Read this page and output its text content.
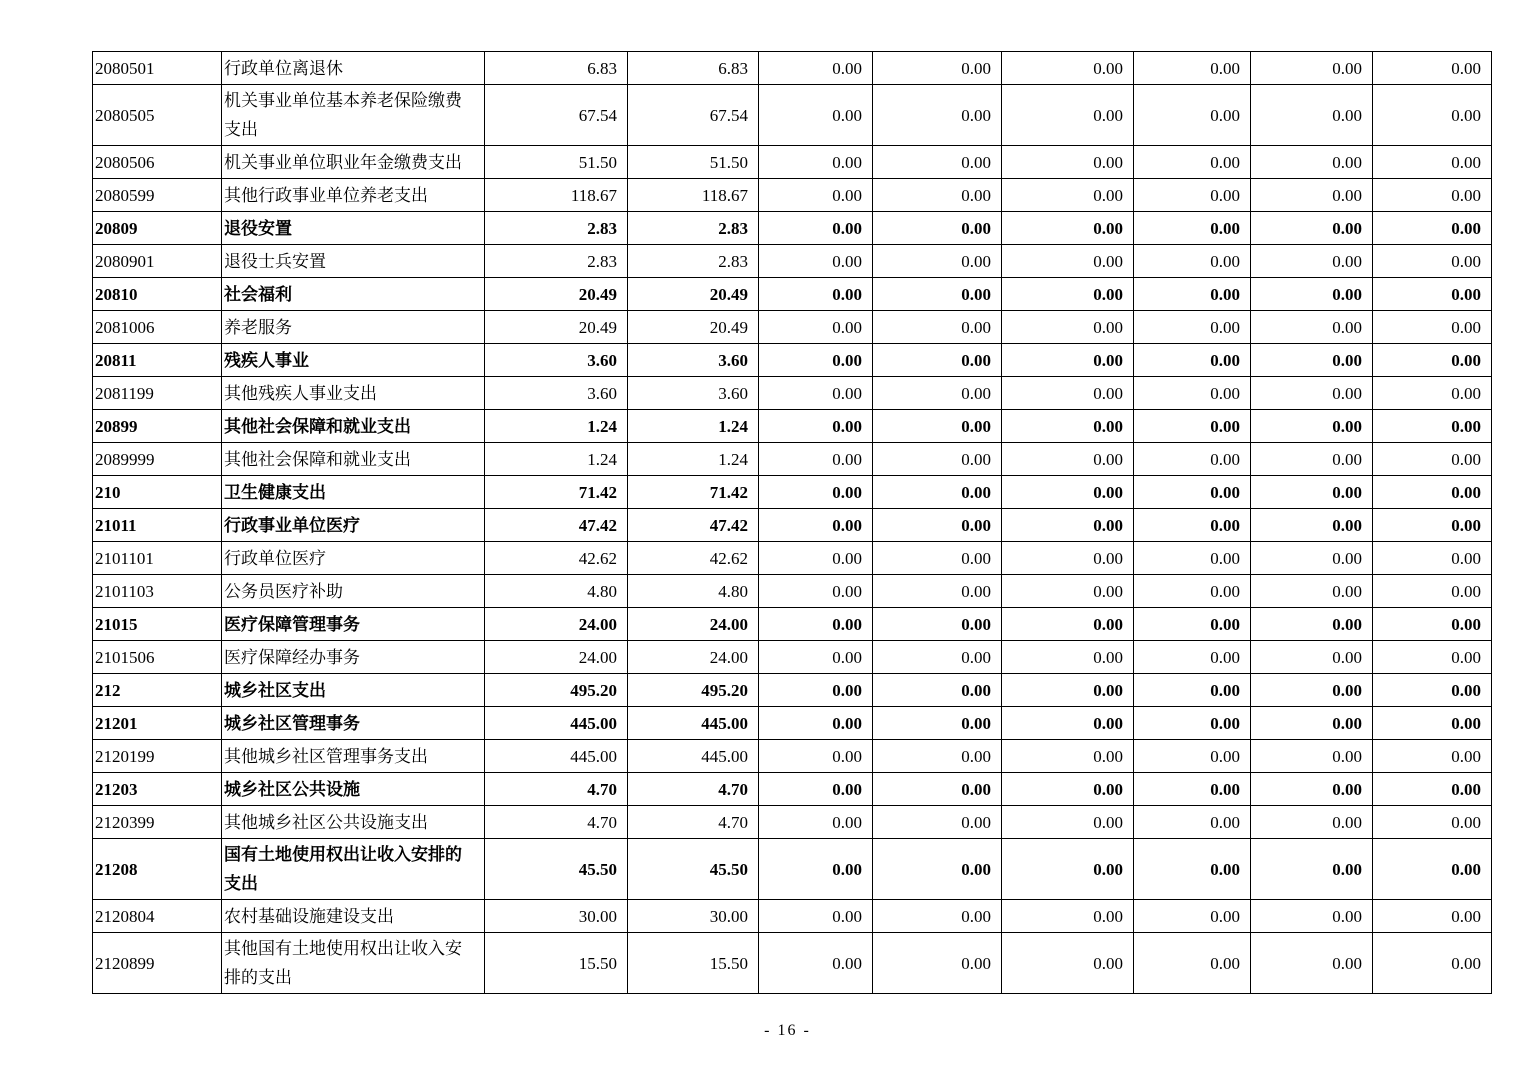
2080501	行政单位离退休	6.83	6.83	0.00	0.00	0.00	0.00	0.00	0.00
2080505	机关事业单位基本养老保险缴费支出	67.54	67.54	0.00	0.00	0.00	0.00	0.00	0.00
2080506	机关事业单位职业年金缴费支出	51.50	51.50	0.00	0.00	0.00	0.00	0.00	0.00
2080599	其他行政事业单位养老支出	118.67	118.67	0.00	0.00	0.00	0.00	0.00	0.00
20809	退役安置	2.83	2.83	0.00	0.00	0.00	0.00	0.00	0.00
2080901	退役士兵安置	2.83	2.83	0.00	0.00	0.00	0.00	0.00	0.00
20810	社会福利	20.49	20.49	0.00	0.00	0.00	0.00	0.00	0.00
2081006	养老服务	20.49	20.49	0.00	0.00	0.00	0.00	0.00	0.00
20811	残疾人事业	3.60	3.60	0.00	0.00	0.00	0.00	0.00	0.00
2081199	其他残疾人事业支出	3.60	3.60	0.00	0.00	0.00	0.00	0.00	0.00
20899	其他社会保障和就业支出	1.24	1.24	0.00	0.00	0.00	0.00	0.00	0.00
2089999	其他社会保障和就业支出	1.24	1.24	0.00	0.00	0.00	0.00	0.00	0.00
210	卫生健康支出	71.42	71.42	0.00	0.00	0.00	0.00	0.00	0.00
21011	行政事业单位医疗	47.42	47.42	0.00	0.00	0.00	0.00	0.00	0.00
2101101	行政单位医疗	42.62	42.62	0.00	0.00	0.00	0.00	0.00	0.00
2101103	公务员医疗补助	4.80	4.80	0.00	0.00	0.00	0.00	0.00	0.00
21015	医疗保障管理事务	24.00	24.00	0.00	0.00	0.00	0.00	0.00	0.00
2101506	医疗保障经办事务	24.00	24.00	0.00	0.00	0.00	0.00	0.00	0.00
212	城乡社区支出	495.20	495.20	0.00	0.00	0.00	0.00	0.00	0.00
21201	城乡社区管理事务	445.00	445.00	0.00	0.00	0.00	0.00	0.00	0.00
2120199	其他城乡社区管理事务支出	445.00	445.00	0.00	0.00	0.00	0.00	0.00	0.00
21203	城乡社区公共设施	4.70	4.70	0.00	0.00	0.00	0.00	0.00	0.00
2120399	其他城乡社区公共设施支出	4.70	4.70	0.00	0.00	0.00	0.00	0.00	0.00
21208	国有土地使用权出让收入安排的支出	45.50	45.50	0.00	0.00	0.00	0.00	0.00	0.00
2120804	农村基础设施建设支出	30.00	30.00	0.00	0.00	0.00	0.00	0.00	0.00
2120899	其他国有土地使用权出让收入安排的支出	15.50	15.50	0.00	0.00	0.00	0.00	0.00	0.00
- 16 -
